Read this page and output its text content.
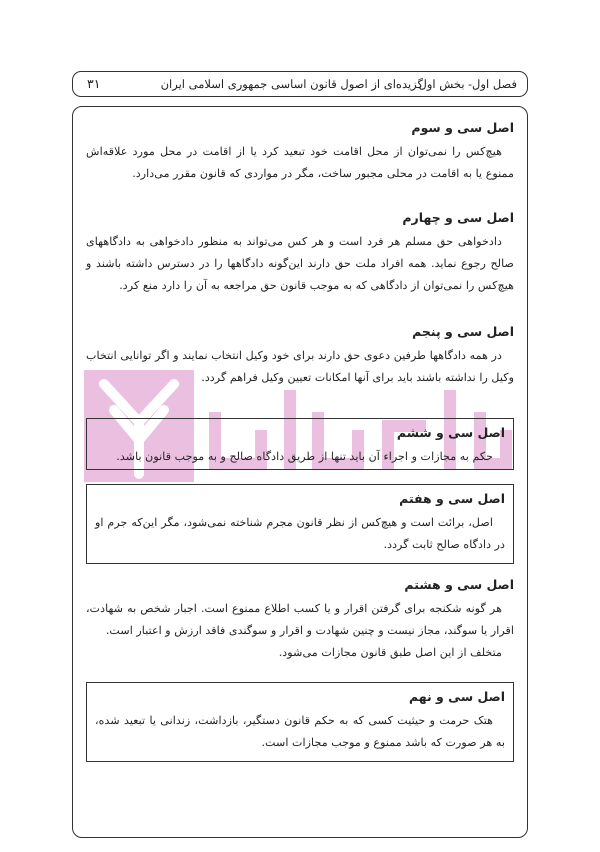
فصل اول- بخش اول
گزیده‌ای از اصول قانون اساسی جمهوری اسلامی ایران
۳۱
اصل سی و سوم

هیچ‌کس را نمی‌توان از محل اقامت خود تبعید کرد یا از اقامت در محل مورد علاقه‌اش ممنوع یا به اقامت در محلی مجبور ساخت، مگر در مواردی که قانون مقرر می‌دارد.

اصل سی و چهارم

دادخواهی حق مسلم هر فرد است و هر کس می‌تواند به منظور دادخواهی به دادگاههای صالح رجوع نماید. همه افراد ملت حق دارند این‌گونه دادگاهها را در دسترس داشته باشند و هیچ‌کس را نمی‌توان از دادگاهی که به موجب قانون حق مراجعه به آن را دارد منع کرد.

اصل سی و پنجم

در همه دادگاهها طرفین دعوی حق دارند برای خود وکیل انتخاب نمایند و اگر توانایی انتخاب وکیل را نداشته باشند باید برای آنها امکانات تعیین وکیل فراهم گردد.

اصل سی و ششم

حکم به مجازات و اجراء آن باید تنها از طریق دادگاه صالح و به موجب قانون باشد.

اصل سی و هفتم

اصل، برائت است و هیچ‌کس از نظر قانون مجرم شناخته نمی‌شود، مگر این‌که جرم او در دادگاه صالح ثابت گردد.

اصل سی و هشتم

هر گونه شکنجه برای گرفتن اقرار و یا کسب اطلاع ممنوع است. اجبار شخص به شهادت، اقرار یا سوگند، مجاز نیست و چنین شهادت و اقرار و سوگندی فاقد ارزش و اعتبار است.

متخلف از این اصل طبق قانون مجازات می‌شود.

اصل سی و نهم

هتک حرمت و حیثیت کسی که به حکم قانون دستگیر، بازداشت، زندانی یا تبعید شده، به هر صورت که باشد ممنوع و موجب مجازات است.
